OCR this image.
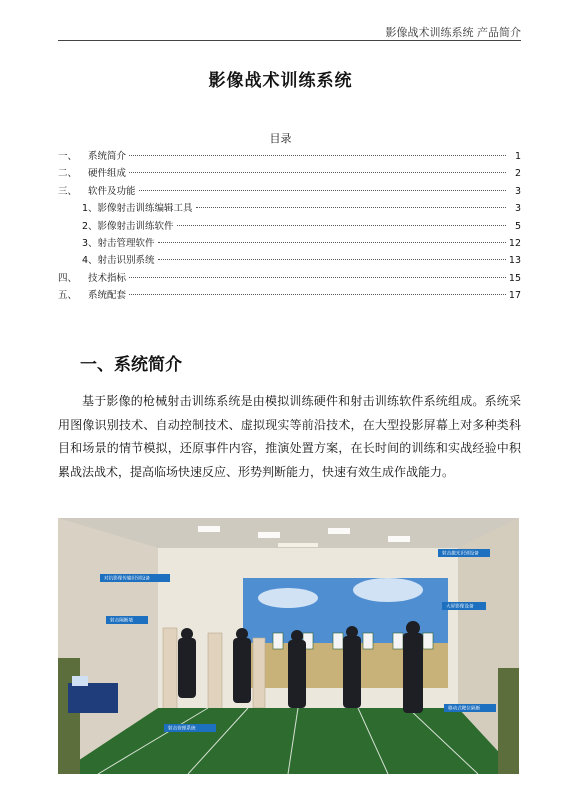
影像战术训练系统 产品简介
影像战术训练系统
目录
一、	系统简介	1
二、	硬件组成	2
三、	软件及功能	3
1、影像射击训练编辑工具	3
2、影像射击训练软件	5
3、射击管理软件	12
4、射击识别系统	13
四、	技术指标	15
五、	系统配套	17
一、系统简介
基于影像的枪械射击训练系统是由模拟训练硬件和射击训练软件系统组成。系统采用图像识别技术、自动控制技术、虚拟现实等前沿技术，在大型投影屏幕上对多种类科目和场景的情节模拟，还原事件内容，推演处置方案，在长时间的训练和实战经验中积累战法战术，提高临场快速反应、形势判断能力，快速有效生成作战能力。
对抗影像传输识别设备
射击隔断墙
射击激光识别设备
大屏影像设备
移动式靶位隔断
射击管理系统
